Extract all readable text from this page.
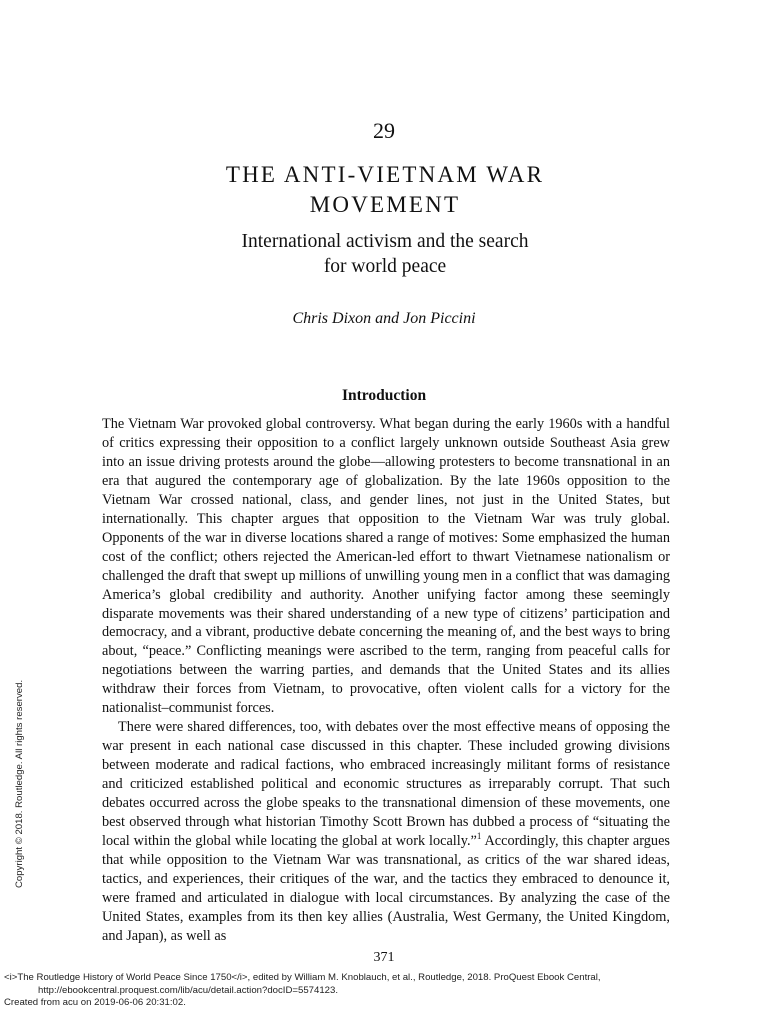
29
THE ANTI-VIETNAM WAR
MOVEMENT
International activism and the search
for world peace
Chris Dixon and Jon Piccini
Introduction

The Vietnam War provoked global controversy. What began during the early 1960s with a handful of critics expressing their opposition to a conflict largely unknown outside Southeast Asia grew into an issue driving protests around the globe—allowing protesters to become transnational in an era that augured the contemporary age of globalization. By the late 1960s opposition to the Vietnam War crossed national, class, and gender lines, not just in the United States, but internationally. This chapter argues that opposition to the Vietnam War was truly global. Opponents of the war in diverse locations shared a range of motives: Some emphasized the human cost of the conflict; others rejected the American-led effort to thwart Vietnamese nationalism or challenged the draft that swept up millions of unwilling young men in a conflict that was damaging America’s global credibility and authority. Another unifying factor among these seemingly disparate movements was their shared understanding of a new type of citizens’ participation and democracy, and a vibrant, productive debate concerning the meaning of, and the best ways to bring about, “peace.” Conflicting meanings were ascribed to the term, ranging from peaceful calls for negotiations between the warring parties, and demands that the United States and its allies withdraw their forces from Vietnam, to provocative, often violent calls for a victory for the nationalist–communist forces.

There were shared differences, too, with debates over the most effective means of opposing the war present in each national case discussed in this chapter. These included growing divisions between moderate and radical factions, who embraced increasingly militant forms of resistance and criticized established political and economic structures as irreparably corrupt. That such debates occurred across the globe speaks to the transnational dimension of these movements, one best observed through what historian Timothy Scott Brown has dubbed a process of “situating the local within the global while locating the global at work locally.”$^1$ Accordingly, this chapter argues that while opposition to the Vietnam War was transnational, as critics of the war shared ideas, tactics, and experiences, their critiques of the war, and the tactics they embraced to denounce it, were framed and articulated in dialogue with local circumstances. By analyzing the case of the United States, examples from its then key allies (Australia, West Germany, the United Kingdom, and Japan), as well as

371
<i>The Routledge History of World Peace Since 1750</i>, edited by William M. Knoblauch, et al., Routledge, 2018. ProQuest Ebook Central,
http://ebookcentral.proquest.com/lib/acu/detail.action?docID=5574123.
Created from acu on 2019-06-06 20:31:02.
Copyright © 2018. Routledge. All rights reserved.
